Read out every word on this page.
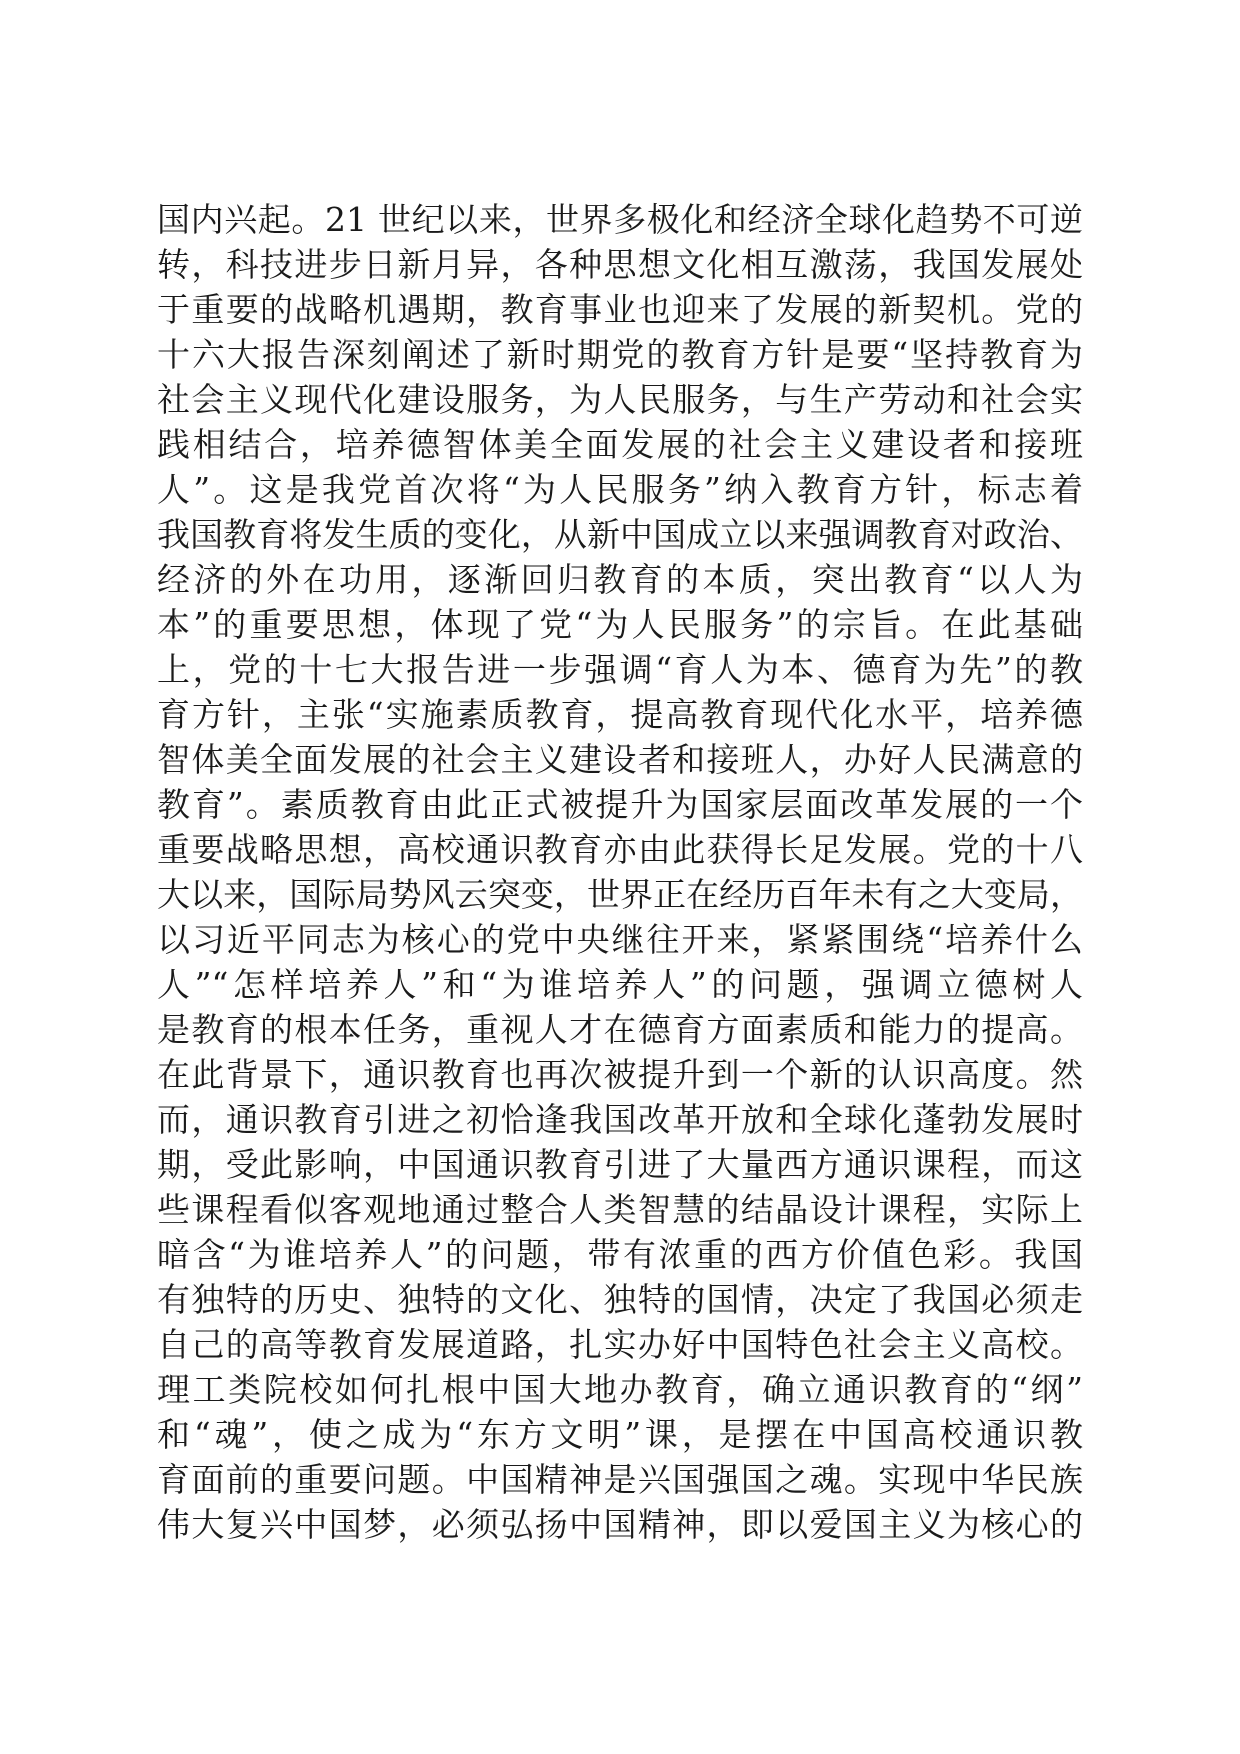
国内兴起。21 世纪以来，世界多极化和经济全球化趋势不可逆
转，科技进步日新月异，各种思想文化相互激荡，我国发展处
于重要的战略机遇期，教育事业也迎来了发展的新契机。党的
十六大报告深刻阐述了新时期党的教育方针是要“坚持教育为
社会主义现代化建设服务，为人民服务，与生产劳动和社会实
践相结合，培养德智体美全面发展的社会主义建设者和接班
人”。这是我党首次将“为人民服务”纳入教育方针，标志着
我国教育将发生质的变化，从新中国成立以来强调教育对政治、
经济的外在功用，逐渐回归教育的本质，突出教育“以人为
本”的重要思想，体现了党“为人民服务”的宗旨。在此基础
上，党的十七大报告进一步强调“育人为本、德育为先”的教
育方针，主张“实施素质教育，提高教育现代化水平，培养德
智体美全面发展的社会主义建设者和接班人，办好人民满意的
教育”。素质教育由此正式被提升为国家层面改革发展的一个
重要战略思想，高校通识教育亦由此获得长足发展。党的十八
大以来，国际局势风云突变，世界正在经历百年未有之大变局，
以习近平同志为核心的党中央继往开来，紧紧围绕“培养什么
人”“怎样培养人”和“为谁培养人”的问题，强调立德树人
是教育的根本任务，重视人才在德育方面素质和能力的提高。
在此背景下，通识教育也再次被提升到一个新的认识高度。然
而，通识教育引进之初恰逢我国改革开放和全球化蓬勃发展时
期，受此影响，中国通识教育引进了大量西方通识课程，而这
些课程看似客观地通过整合人类智慧的结晶设计课程，实际上
暗含“为谁培养人”的问题，带有浓重的西方价值色彩。我国
有独特的历史、独特的文化、独特的国情，决定了我国必须走
自己的高等教育发展道路，扎实办好中国特色社会主义高校。
理工类院校如何扎根中国大地办教育，确立通识教育的“纲”
和“魂”，使之成为“东方文明”课，是摆在中国高校通识教
育面前的重要问题。中国精神是兴国强国之魂。实现中华民族
伟大复兴中国梦，必须弘扬中国精神，即以爱国主义为核心的
